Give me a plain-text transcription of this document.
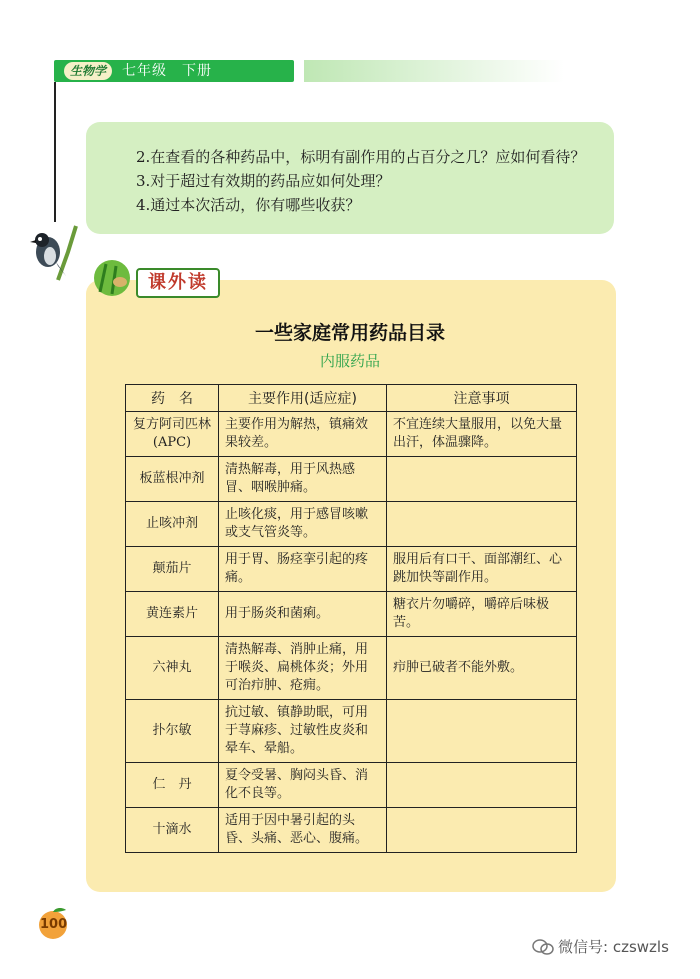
生物学	七年级　下册
2.在查看的各种药品中，标明有副作用的占百分之几？应如何看待？
3.对于超过有效期的药品应如何处理？
4.通过本次活动，你有哪些收获？
课外读
一些家庭常用药品目录
内服药品
药　名	主要作用(适应症)	注意事项
复方阿司匹林(APC)	主要作用为解热，镇痛效果较差。	不宜连续大量服用，以免大量出汗，体温骤降。
板蓝根冲剂	清热解毒，用于风热感冒、咽喉肿痛。	
止咳冲剂	止咳化痰，用于感冒咳嗽或支气管炎等。	
颠茄片	用于胃、肠痉挛引起的疼痛。	服用后有口干、面部潮红、心跳加快等副作用。
黄连素片	用于肠炎和菌痢。	糖衣片勿嚼碎，嚼碎后味极苦。
六神丸	清热解毒、消肿止痛，用于喉炎、扁桃体炎；外用可治疖肿、疮痈。	疖肿已破者不能外敷。
扑尔敏	抗过敏、镇静助眠，可用于荨麻疹、过敏性皮炎和晕车、晕船。	
仁　丹	夏令受暑、胸闷头昏、消化不良等。	
十滴水	适用于因中暑引起的头昏、头痛、恶心、腹痛。	
100
微信号: czswzls
